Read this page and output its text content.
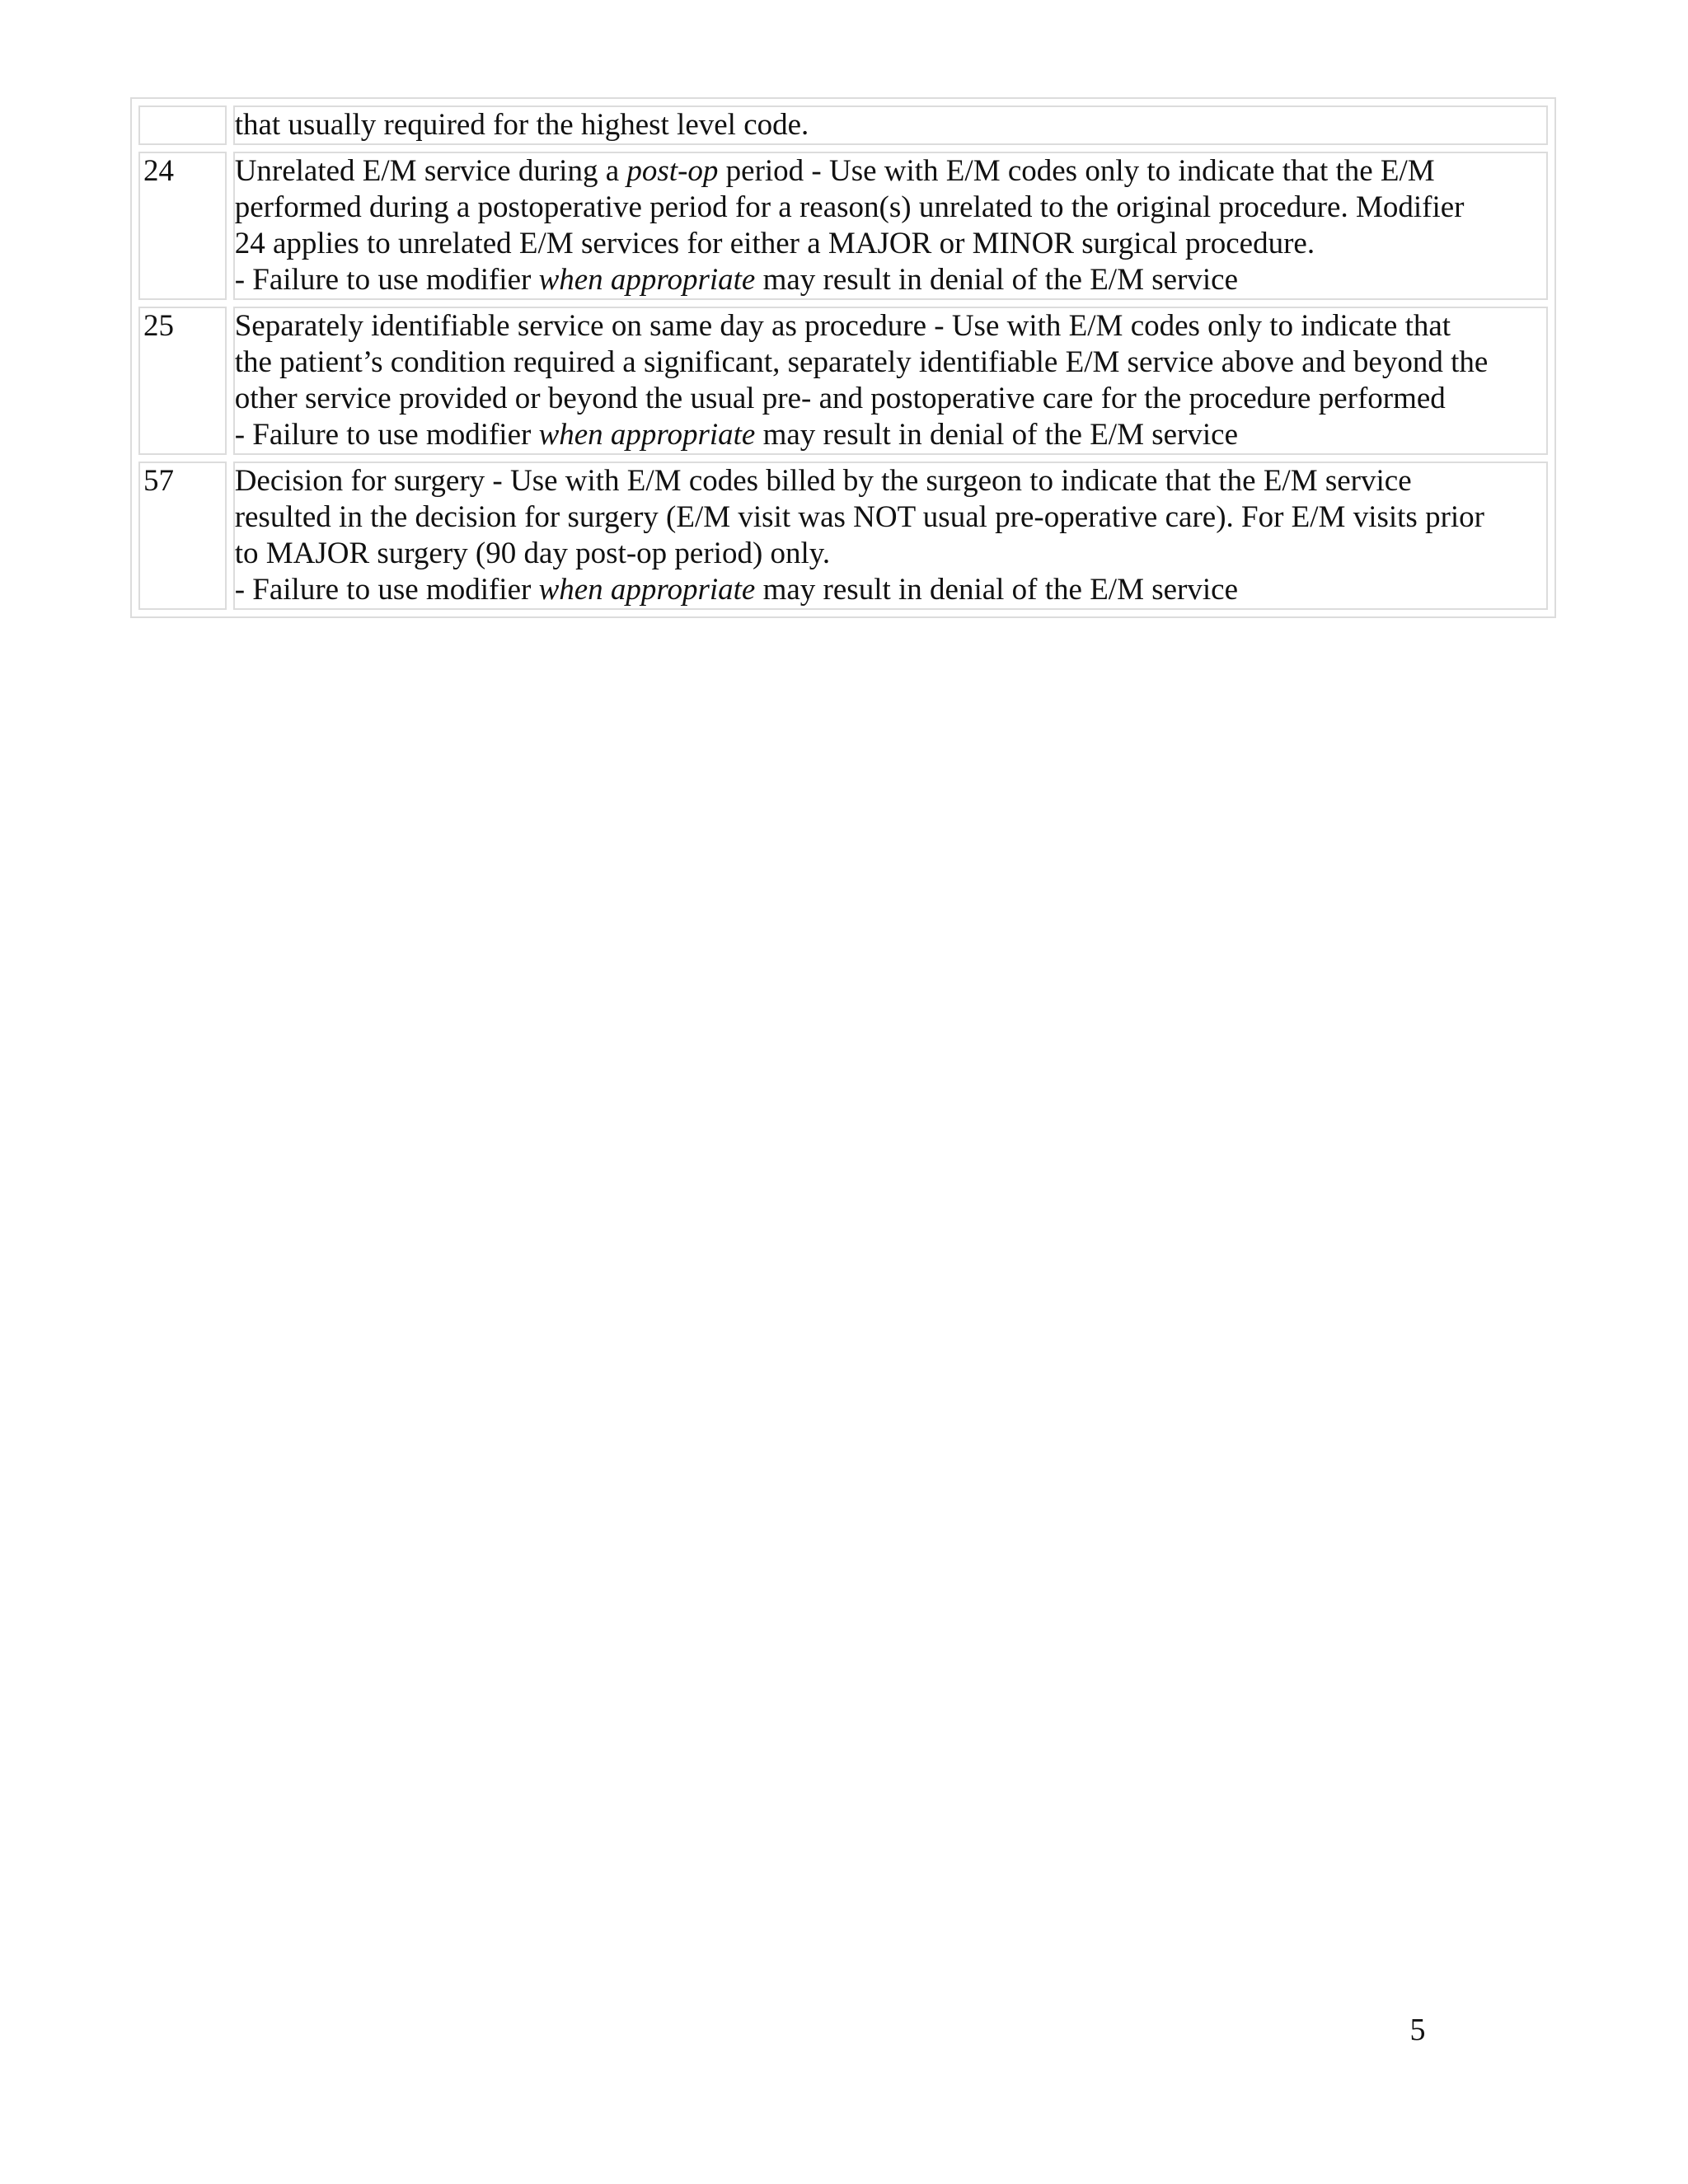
	that usually required for the highest level code.

24	Unrelated E/M service during a post-op period - Use with E/M codes only to indicate that the E/M
performed during a postoperative period for a reason(s) unrelated to the original procedure. Modifier
24 applies to unrelated E/M services for either a MAJOR or MINOR surgical procedure.
- Failure to use modifier when appropriate may result in denial of the E/M service

25	Separately identifiable service on same day as procedure - Use with E/M codes only to indicate that
the patient’s condition required a significant, separately identifiable E/M service above and beyond the
other service provided or beyond the usual pre- and postoperative care for the procedure performed
- Failure to use modifier when appropriate may result in denial of the E/M service

57	Decision for surgery - Use with E/M codes billed by the surgeon to indicate that the E/M service
resulted in the decision for surgery (E/M visit was NOT usual pre-operative care). For E/M visits prior
to MAJOR surgery (90 day post-op period) only.
- Failure to use modifier when appropriate may result in denial of the E/M service
5
